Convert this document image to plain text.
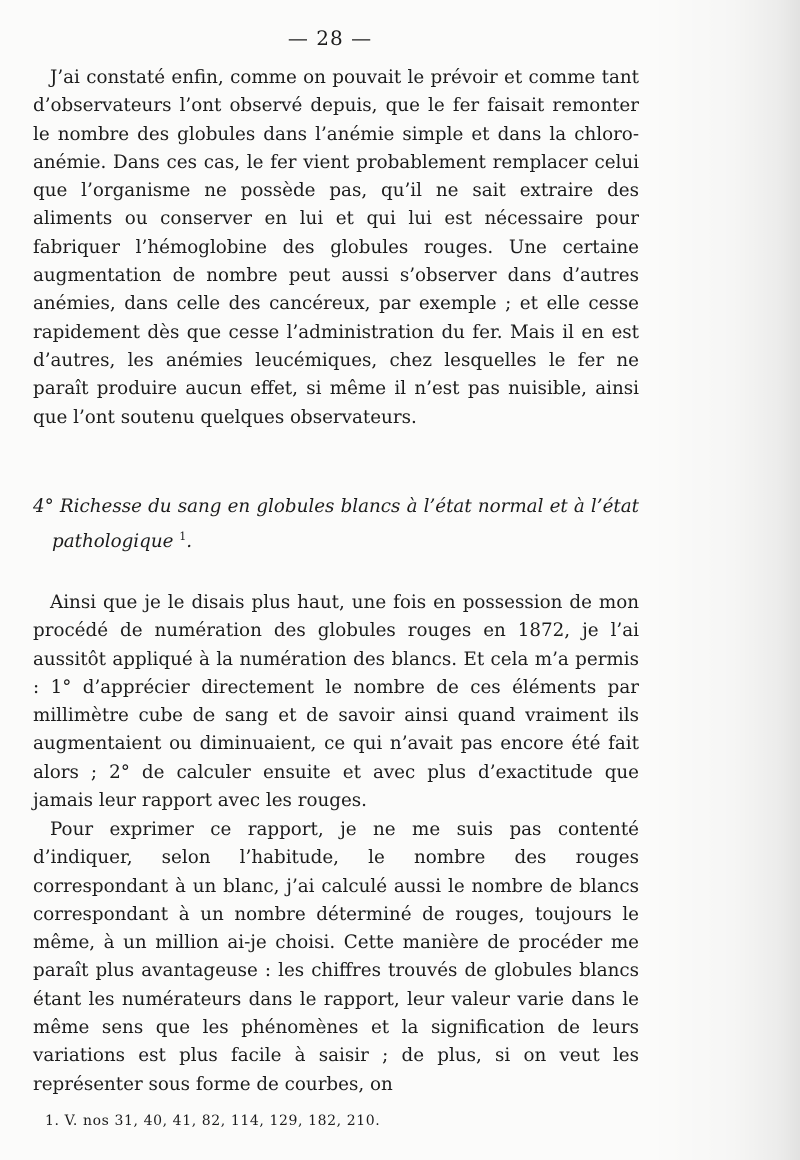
— 28 —

J’ai constaté enfin, comme on pouvait le prévoir et comme tant d’observateurs l’ont observé depuis, que le fer faisait remonter le nombre des globules dans l’anémie simple et dans la chloro-anémie. Dans ces cas, le fer vient probablement remplacer celui que l’organisme ne possède pas, qu’il ne sait extraire des aliments ou conserver en lui et qui lui est nécessaire pour fabriquer l’hémoglobine des globules rouges. Une certaine augmentation de nombre peut aussi s’observer dans d’autres anémies, dans celle des cancéreux, par exemple ; et elle cesse rapidement dès que cesse l’administration du fer. Mais il en est d’autres, les anémies leucémiques, chez lesquelles le fer ne paraît produire aucun effet, si même il n’est pas nuisible, ainsi que l’ont soutenu quelques observateurs.

4° Richesse du sang en globules blancs à l’état normal et à l’état
pathologique $^1$.

Ainsi que je le disais plus haut, une fois en possession de mon procédé de numération des globules rouges en 1872, je l’ai aussitôt appliqué à la numération des blancs. Et cela m’a permis : 1° d’apprécier directement le nombre de ces éléments par millimètre cube de sang et de savoir ainsi quand vraiment ils augmentaient ou diminuaient, ce qui n’avait pas encore été fait alors ; 2° de calculer ensuite et avec plus d’exactitude que jamais leur rapport avec les rouges.

Pour exprimer ce rapport, je ne me suis pas contenté d’indiquer, selon l’habitude, le nombre des rouges correspondant à un blanc, j’ai calculé aussi le nombre de blancs correspondant à un nombre déterminé de rouges, toujours le même, à un million ai-je choisi. Cette manière de procéder me paraît plus avantageuse : les chiffres trouvés de globules blancs étant les numérateurs dans le rapport, leur valeur varie dans le même sens que les phénomènes et la signification de leurs variations est plus facile à saisir ; de plus, si on veut les représenter sous forme de courbes, on

1. V. nos 31, 40, 41, 82, 114, 129, 182, 210.
